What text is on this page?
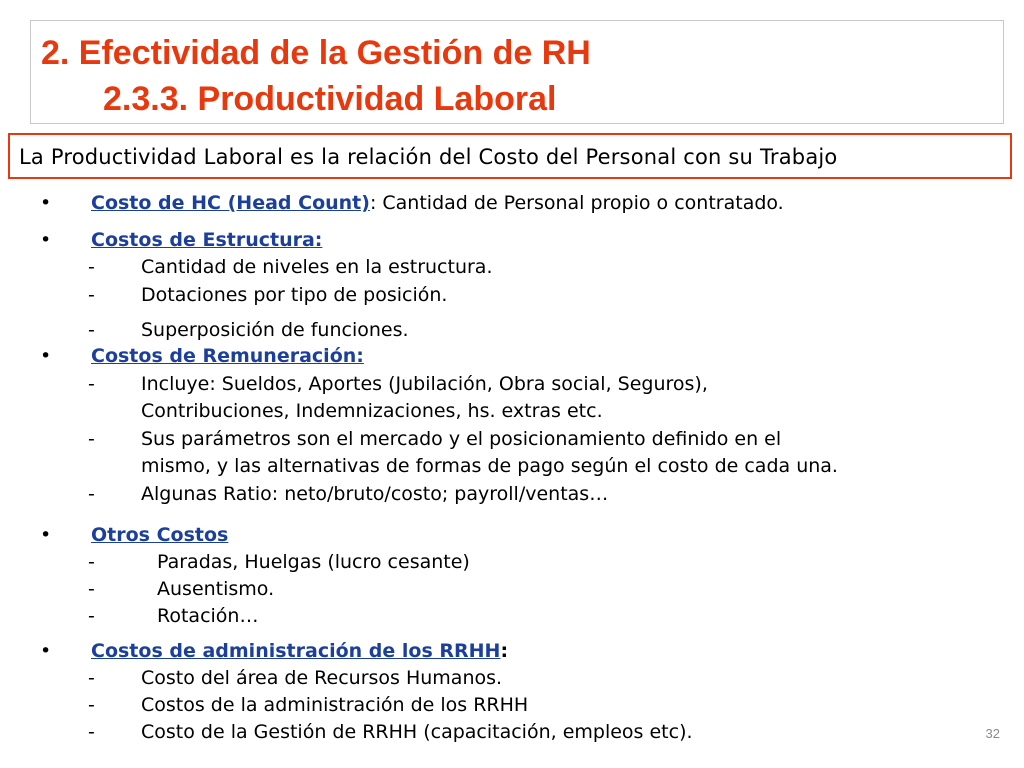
2. Efectividad de la Gestión de RH
2.3.3. Productividad Laboral
La Productividad Laboral es la relación del Costo del Personal con su Trabajo
• Costo de HC (Head Count): Cantidad de Personal propio o contratado.
• Costos de Estructura:
- Cantidad de niveles en la estructura.
- Dotaciones por tipo de posición.
- Superposición de funciones.
• Costos de Remuneración:
- Incluye: Sueldos, Aportes (Jubilación, Obra social, Seguros),
Contribuciones, Indemnizaciones, hs. extras etc.
- Sus parámetros son el mercado y el posicionamiento definido en el
mismo, y las alternativas de formas de pago según el costo de cada una.
- Algunas Ratio: neto/bruto/costo; payroll/ventas…
• Otros Costos
-	Paradas, Huelgas (lucro cesante)
-	Ausentismo.
-	Rotación…
• Costos de administración de los RRHH:
- Costo del área de Recursos Humanos.
- Costos de la administración de los RRHH
- Costo de la Gestión de RRHH (capacitación, empleos etc).	32
